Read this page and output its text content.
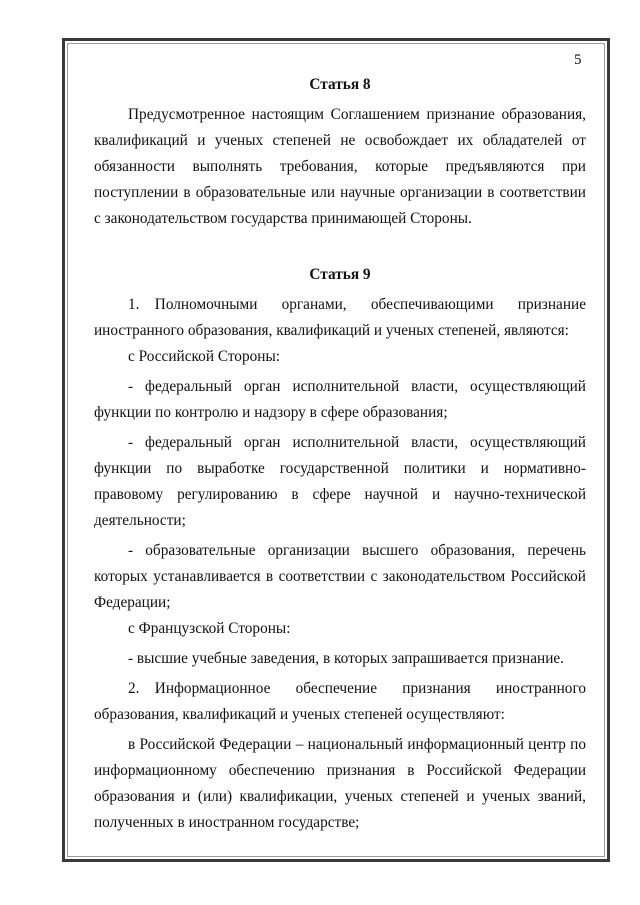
5

Статья 8

Предусмотренное настоящим Соглашением признание образования, квалификаций и ученых степеней не освобождает их обладателей от обязанности выполнять требования, которые предъявляются при поступлении в образовательные или научные организации в соответствии с законодательством государства принимающей Стороны.

Статья 9

1. Полномочными органами, обеспечивающими признание иностранного образования, квалификаций и ученых степеней, являются:

с Российской Стороны:

- федеральный орган исполнительной власти, осуществляющий функции по контролю и надзору в сфере образования;

- федеральный орган исполнительной власти, осуществляющий функции по выработке государственной политики и нормативно-правовому регулированию в сфере научной и научно-технической деятельности;

- образовательные организации высшего образования, перечень которых устанавливается в соответствии с законодательством Российской Федерации;

с Французской Стороны:

- высшие учебные заведения, в которых запрашивается признание.

2. Информационное обеспечение признания иностранного образования, квалификаций и ученых степеней осуществляют:

в Российской Федерации – национальный информационный центр по информационному обеспечению признания в Российской Федерации образования и (или) квалификации, ученых степеней и ученых званий, полученных в иностранном государстве;
